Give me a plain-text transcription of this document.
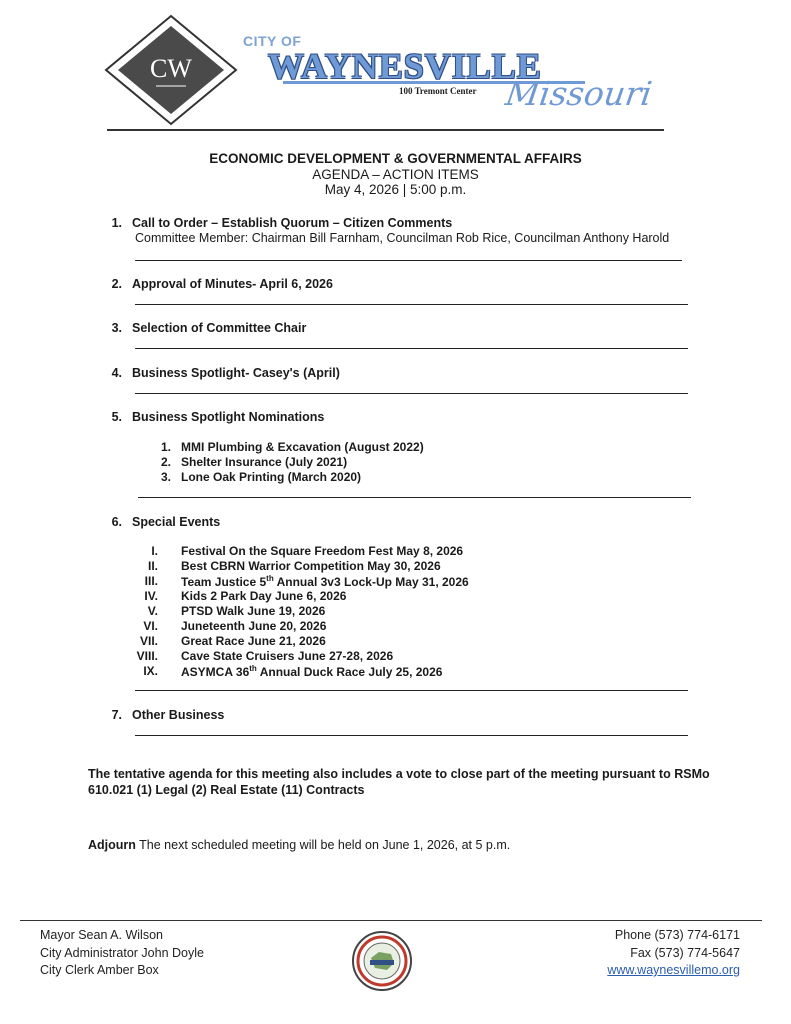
CW
CITY OF
WAYNESVILLE
100 Tremont Center Missouri
ECONOMIC DEVELOPMENT & GOVERNMENTAL AFFAIRS
AGENDA – ACTION ITEMS
May 4, 2026 | 5:00 p.m.
1. Call to Order – Establish Quorum – Citizen Comments
Committee Member: Chairman Bill Farnham, Councilman Rob Rice, Councilman Anthony Harold
2. Approval of Minutes- April 6, 2026
3. Selection of Committee Chair
4. Business Spotlight- Casey's (April)
5. Business Spotlight Nominations
1. MMI Plumbing & Excavation (August 2022)
2. Shelter Insurance (July 2021)
3. Lone Oak Printing (March 2020)
6. Special Events
I. Festival On the Square Freedom Fest May 8, 2026
II. Best CBRN Warrior Competition May 30, 2026
III. Team Justice 5th Annual 3v3 Lock-Up May 31, 2026
IV. Kids 2 Park Day June 6, 2026
V. PTSD Walk June 19, 2026
VI. Juneteenth June 20, 2026
VII. Great Race June 21, 2026
VIII. Cave State Cruisers June 27-28, 2026
IX. ASYMCA 36th Annual Duck Race July 25, 2026
7. Other Business
The tentative agenda for this meeting also includes a vote to close part of the meeting pursuant to RSMo 610.021 (1) Legal (2) Real Estate (11) Contracts
Adjourn The next scheduled meeting will be held on June 1, 2026, at 5 p.m.
Mayor Sean A. Wilson
City Administrator John Doyle
City Clerk Amber Box
Phone (573) 774-6171
Fax (573) 774-5647
www.waynesvillemo.org
